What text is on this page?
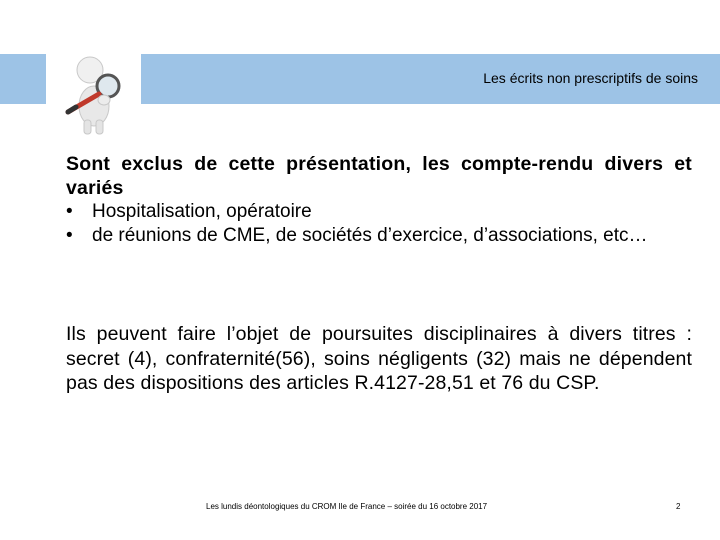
Les écrits non prescriptifs de soins

Sont exclus de cette présentation, les compte-rendu divers et variés

• Hospitalisation, opératoire
• de réunions de CME, de sociétés d’exercice, d’associations, etc…

Ils peuvent faire l’objet de poursuites disciplinaires à divers titres : secret (4), confraternité(56), soins négligents (32) mais ne dépendent pas des dispositions des articles R.4127-28,51 et 76 du CSP.

Les lundis déontologiques du CROM Ile de France – soirée du 16 octobre 2017	2
